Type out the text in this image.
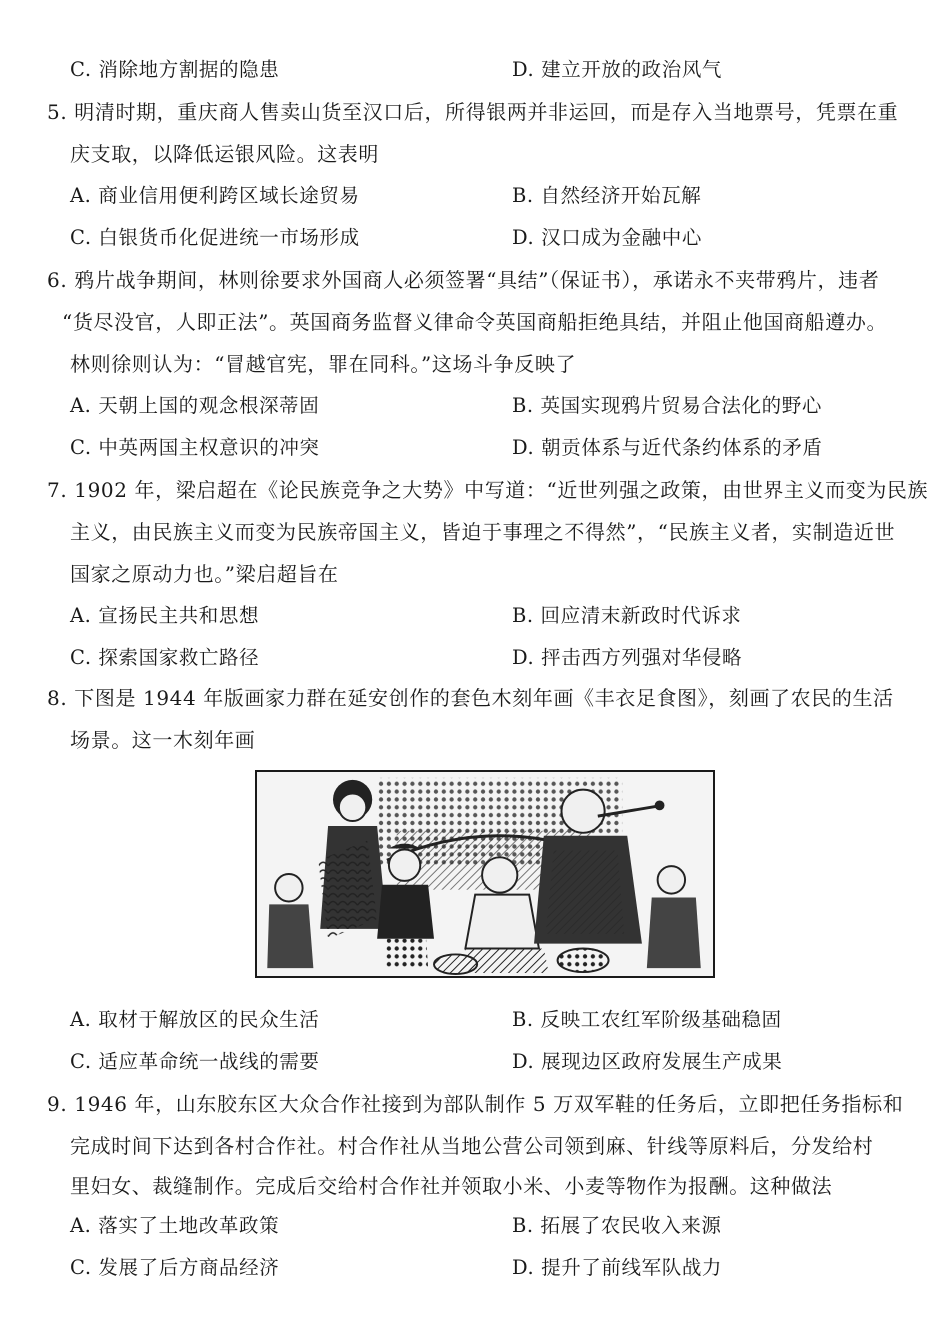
C. 消除地方割据的隐患	D. 建立开放的政治风气
5. 明清时期，重庆商人售卖山货至汉口后，所得银两并非运回，而是存入当地票号，凭票在重
庆支取，以降低运银风险。这表明
A. 商业信用便利跨区域长途贸易	B. 自然经济开始瓦解
C. 白银货币化促进统一市场形成	D. 汉口成为金融中心
6. 鸦片战争期间，林则徐要求外国商人必须签署“具结”（保证书），承诺永不夹带鸦片，违者
“货尽没官，人即正法”。英国商务监督义律命令英国商船拒绝具结，并阻止他国商船遵办。
林则徐则认为：“冒越官宪，罪在同科。”这场斗争反映了
A. 天朝上国的观念根深蒂固	B. 英国实现鸦片贸易合法化的野心
C. 中英两国主权意识的冲突	D. 朝贡体系与近代条约体系的矛盾
7. 1902 年，梁启超在《论民族竞争之大势》中写道：“近世列强之政策，由世界主义而变为民族
主义，由民族主义而变为民族帝国主义，皆迫于事理之不得然”，“民族主义者，实制造近世
国家之原动力也。”梁启超旨在
A. 宣扬民主共和思想	B. 回应清末新政时代诉求
C. 探索国家救亡路径	D. 抨击西方列强对华侵略
8. 下图是 1944 年版画家力群在延安创作的套色木刻年画《丰衣足食图》，刻画了农民的生活
场景。这一木刻年画
A. 取材于解放区的民众生活	B. 反映工农红军阶级基础稳固
C. 适应革命统一战线的需要	D. 展现边区政府发展生产成果
9. 1946 年，山东胶东区大众合作社接到为部队制作 5 万双军鞋的任务后，立即把任务指标和
完成时间下达到各村合作社。村合作社从当地公营公司领到麻、针线等原料后，分发给村
里妇女、裁缝制作。完成后交给村合作社并领取小米、小麦等物作为报酬。这种做法
A. 落实了土地改革政策	B. 拓展了农民收入来源
C. 发展了后方商品经济	D. 提升了前线军队战力
